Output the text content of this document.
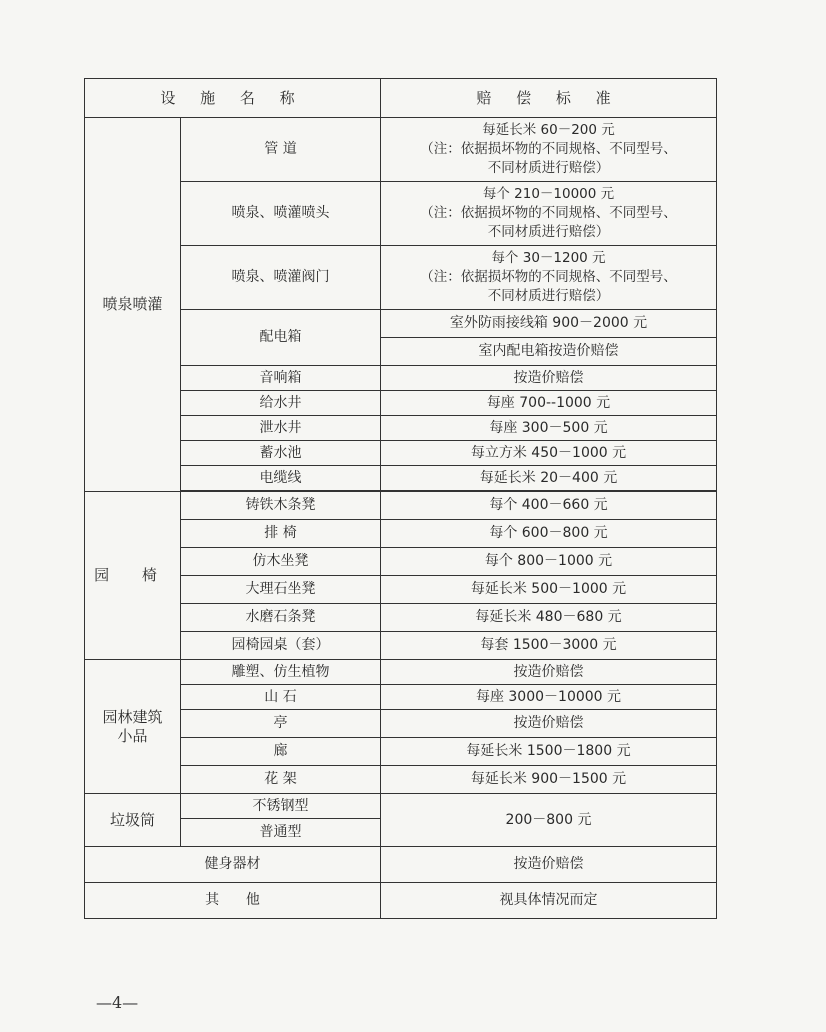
设 施 名 称		赔 偿 标 准
喷泉喷灌	管 道	每延长米 60－200 元
（注：依据损坏物的不同规格、不同型号、
不同材质进行赔偿）

	喷泉、喷灌喷头	每个 210－10000 元
（注：依据损坏物的不同规格、不同型号、
不同材质进行赔偿）

	喷泉、喷灌阀门	每个 30－1200 元
（注：依据损坏物的不同规格、不同型号、
不同材质进行赔偿）

	配电箱	室外防雨接线箱 900－2000 元
		室内配电箱按造价赔偿
	音响箱	按造价赔偿
	给水井	每座 700--1000 元
	泄水井	每座 300－500 元
	蓄水池	每立方米 450－1000 元
	电缆线	每延长米 20－400 元

园 椅	铸铁木条凳	每个 400－660 元
	排 椅	每个 600－800 元
	仿木坐凳	每个 800－1000 元
	大理石坐凳	每延长米 500－1000 元
	水磨石条凳	每延长米 480－680 元
	园椅园桌（套）	每套 1500－3000 元

园林建筑
小品	雕塑、仿生植物	按造价赔偿
	山 石	每座 3000－10000 元
	亭	按造价赔偿
	廊	每延长米 1500－1800 元
	花 架	每延长米 900－1500 元
垃圾筒	不锈钢型	200－800 元
	普通型	
健身器材		按造价赔偿
其      他		视具体情况而定
—4—
